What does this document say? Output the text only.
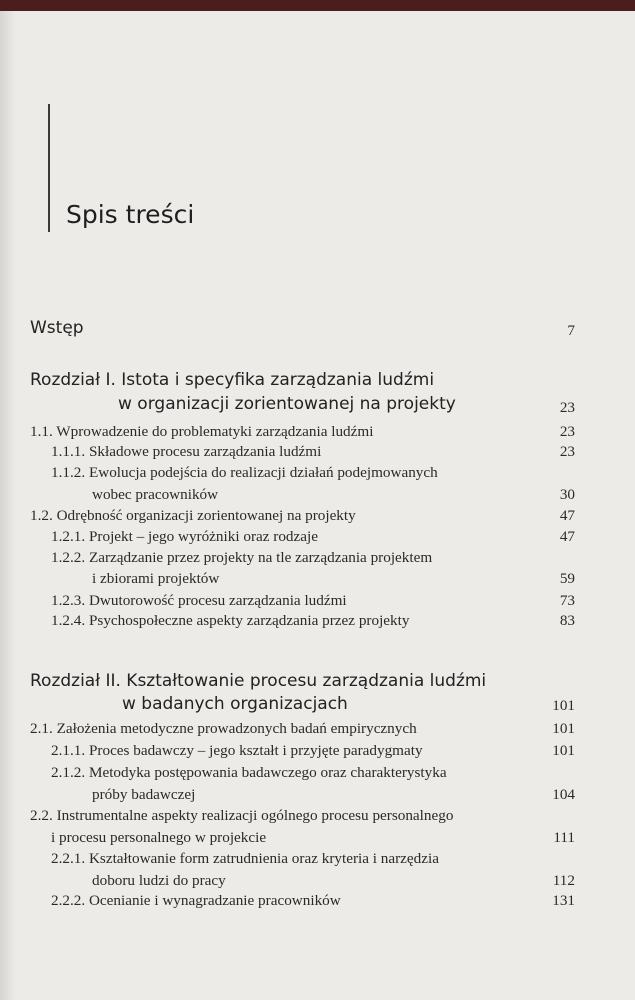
Spis treści
Wstęp	7
Rozdział I. Istota i specyfika zarządzania ludźmi
w organizacji zorientowanej na projekty	23
1.1. Wprowadzenie do problematyki zarządzania ludźmi	23
1.1.1. Składowe procesu zarządzania ludźmi	23
1.1.2. Ewolucja podejścia do realizacji działań podejmowanych
wobec pracowników	30
1.2. Odrębność organizacji zorientowanej na projekty	47
1.2.1. Projekt – jego wyróżniki oraz rodzaje	47
1.2.2. Zarządzanie przez projekty na tle zarządzania projektem
i zbiorami projektów	59
1.2.3. Dwutorowość procesu zarządzania ludźmi	73
1.2.4. Psychospołeczne aspekty zarządzania przez projekty	83
Rozdział II. Kształtowanie procesu zarządzania ludźmi
w badanych organizacjach	101
2.1. Założenia metodyczne prowadzonych badań empirycznych	101
2.1.1. Proces badawczy – jego kształt i przyjęte paradygmaty	101
2.1.2. Metodyka postępowania badawczego oraz charakterystyka
próby badawczej	104
2.2. Instrumentalne aspekty realizacji ogólnego procesu personalnego
i procesu personalnego w projekcie	111
2.2.1. Kształtowanie form zatrudnienia oraz kryteria i narzędzia
doboru ludzi do pracy	112
2.2.2. Ocenianie i wynagradzanie pracowników	131
